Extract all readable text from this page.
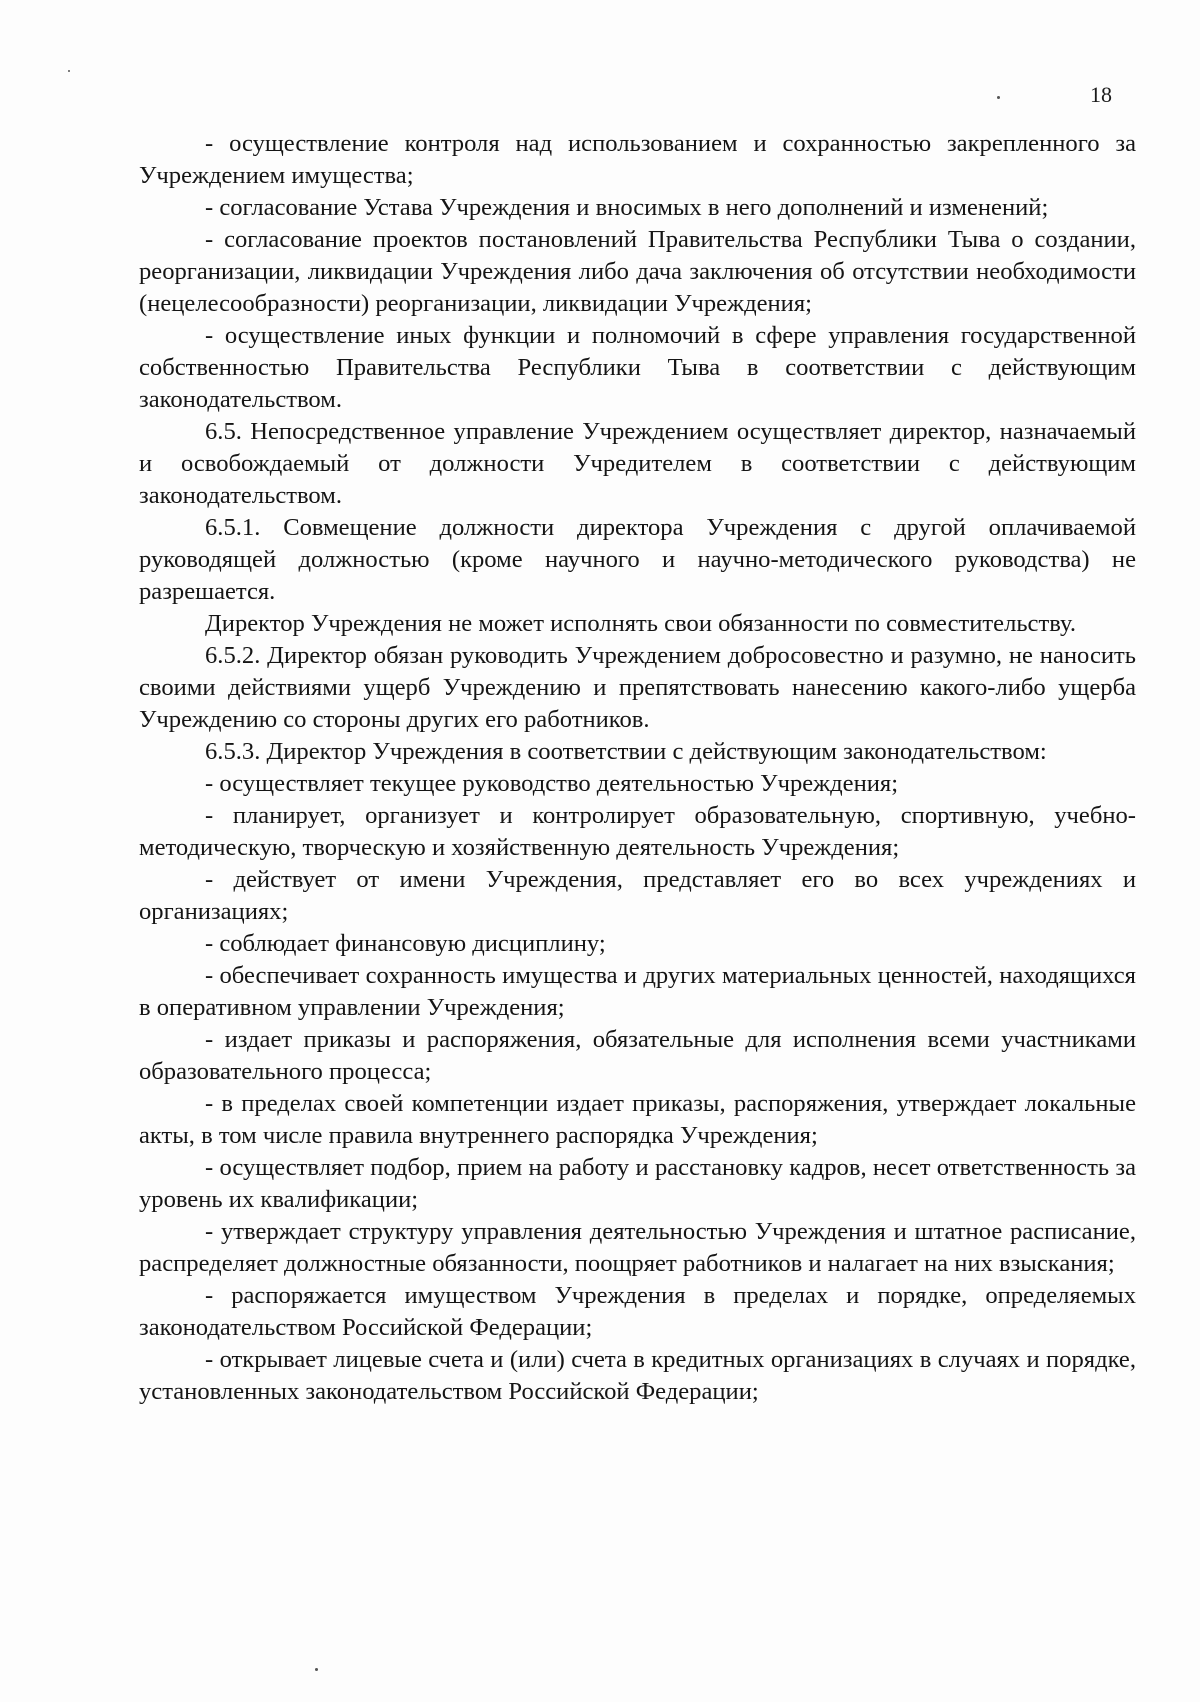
18

- осуществление контроля над использованием и сохранностью закрепленного за Учреждением имущества;

- согласование Устава Учреждения и вносимых в него дополнений и изменений;

- согласование проектов постановлений Правительства Республики Тыва о создании, реорганизации, ликвидации Учреждения либо дача заключения об отсутствии необходимости (нецелесообразности) реорганизации, ликвидации Учреждения;

- осуществление иных функции и полномочий в сфере управления государственной собственностью Правительства Республики Тыва в соответствии с действующим законодательством.

6.5. Непосредственное управление Учреждением осуществляет директор, назначаемый и освобождаемый от должности Учредителем в соответствии с действующим законодательством.

6.5.1. Совмещение должности директора Учреждения с другой оплачиваемой руководящей должностью (кроме научного и научно-методического руководства) не разрешается.

Директор Учреждения не может исполнять свои обязанности по совместительству.

6.5.2. Директор обязан руководить Учреждением добросовестно и разумно, не наносить своими действиями ущерб Учреждению и препятствовать нанесению какого-либо ущерба Учреждению со стороны других его работников.

6.5.3. Директор Учреждения в соответствии с действующим законодательством:

- осуществляет текущее руководство деятельностью Учреждения;

- планирует, организует и контролирует образовательную, спортивную, учебно-методическую, творческую и хозяйственную деятельность Учреждения;

- действует от имени Учреждения, представляет его во всех учреждениях и организациях;

- соблюдает финансовую дисциплину;

- обеспечивает сохранность имущества и других материальных ценностей, находящихся в оперативном управлении Учреждения;

- издает приказы и распоряжения, обязательные для исполнения всеми участниками образовательного процесса;

- в пределах своей компетенции издает приказы, распоряжения, утверждает локальные акты, в том числе правила внутреннего распорядка Учреждения;

- осуществляет подбор, прием на работу и расстановку кадров, несет ответственность за уровень их квалификации;

- утверждает структуру управления деятельностью Учреждения и штатное расписание, распределяет должностные обязанности, поощряет работников и налагает на них взыскания;

- распоряжается имуществом Учреждения в пределах и порядке, определяемых законодательством Российской Федерации;

- открывает лицевые счета и (или) счета в кредитных организациях в случаях и порядке, установленных законодательством Российской Федерации;
